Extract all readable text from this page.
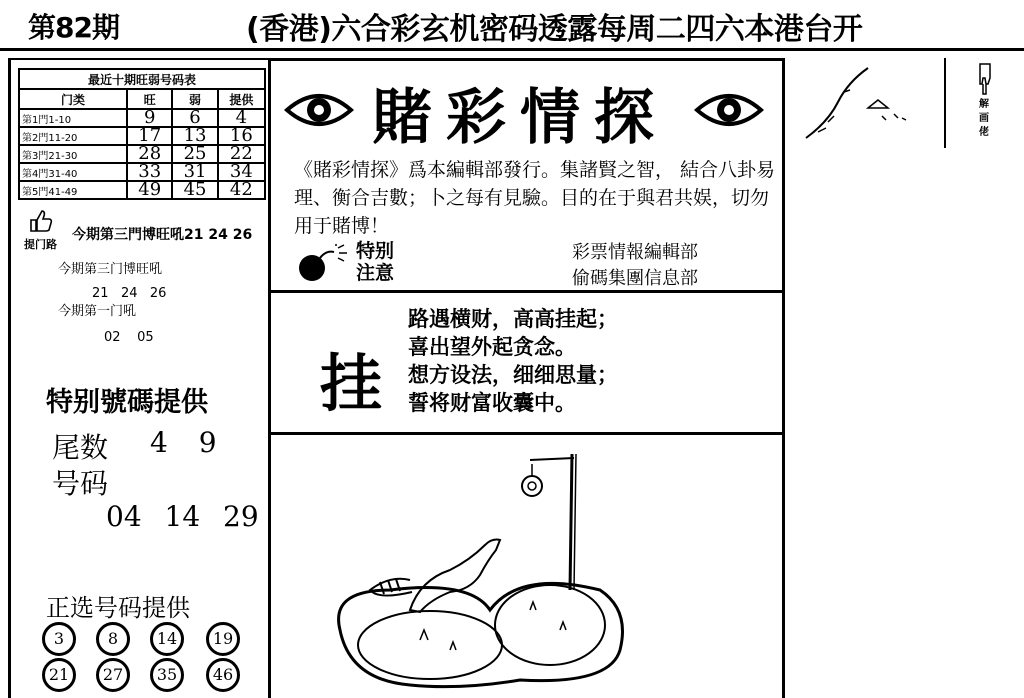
第82期	(香港)六合彩玄机密码透露每周二四六本港台开
最近十期旺弱号码表			
门类	旺	弱	提供
第1門1-10	9	6	4
第2門11-20	17	13	16
第3門21-30	28	25	22
第4門31-40	33	31	34
第5門41-49	49	45	42
提门路
今期第三門博旺吼21 24 26
今期第三门博旺吼
21   24   26
今期第一门吼
02    05
特别號碼提供
尾数 4 9
号码
04 14 29
正选号码提供
3	8	14	19
21	27	35	46
賭彩情探
《賭彩情探》爲本編輯部發行。集諸賢之智， 結合八卦易理、衡合吉數；卜之每有見驗。目的在于與君共娱，切勿用于賭博！
特别
注意
彩票情報編輯部
偷碼集團信息部
挂
路遇横财，高高挂起；
喜出望外起贪念。
想方设法，细细思量；
誓将财富收囊中。
解画佬
